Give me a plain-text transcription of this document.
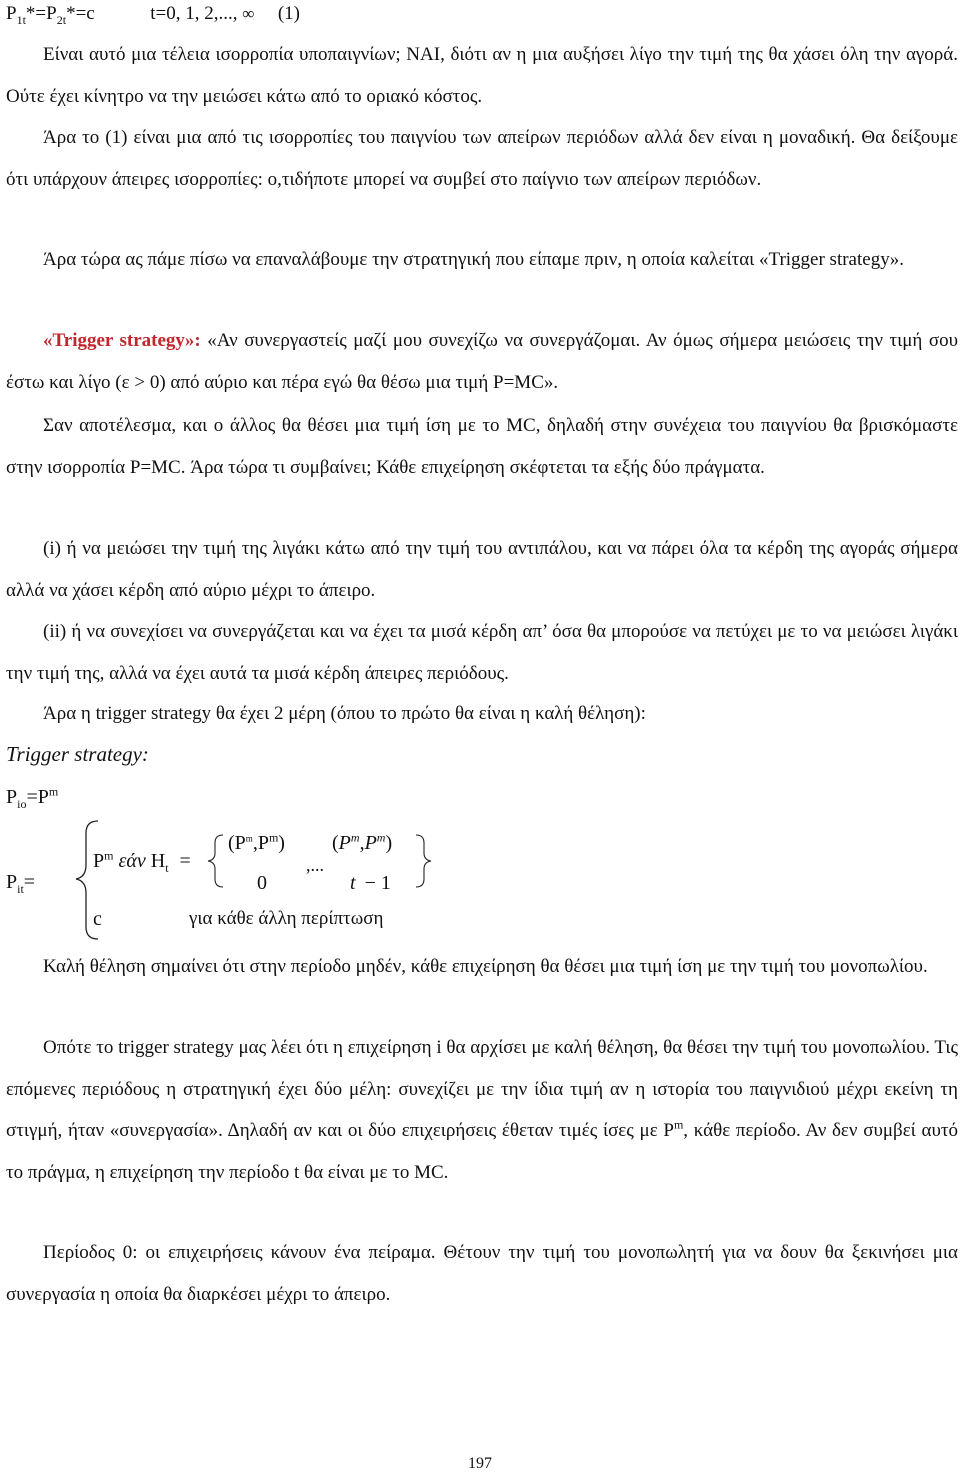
$P_{1t}*=P_{2t}*=c$	t=0, 1, 2,..., ∞ (1)
Είναι αυτό μια τέλεια ισορροπία υποπαιγνίων; ΝΑΙ, διότι αν η μια αυξήσει λίγο την τιμή της θα χάσει όλη την αγορά. Ούτε έχει κίνητρο να την μειώσει κάτω από το οριακό κόστος.
Άρα το (1) είναι μια από τις ισορροπίες του παιγνίου των απείρων περιόδων αλλά δεν είναι η μοναδική. Θα δείξουμε ότι υπάρχουν άπειρες ισορροπίες: ο,τιδήποτε μπορεί να συμβεί στο παίγνιο των απείρων περιόδων.
Άρα τώρα ας πάμε πίσω να επαναλάβουμε την στρατηγική που είπαμε πριν, η οποία καλείται «Trigger strategy».
«Trigger strategy»: «Αν συνεργαστείς μαζί μου συνεχίζω να συνεργάζομαι. Αν όμως σήμερα μειώσεις την τιμή σου έστω και λίγο (ε > 0) από αύριο και πέρα εγώ θα θέσω μια τιμή P=MC».
Σαν αποτέλεσμα, και ο άλλος θα θέσει μια τιμή ίση με το MC, δηλαδή στην συνέχεια του παιγνίου θα βρισκόμαστε στην ισορροπία P=MC. Άρα τώρα τι συμβαίνει; Κάθε επιχείρηση σκέφτεται τα εξής δύο πράγματα.
(i) ή να μειώσει την τιμή της λιγάκι κάτω από την τιμή του αντιπάλου, και να πάρει όλα τα κέρδη της αγοράς σήμερα αλλά να χάσει κέρδη από αύριο μέχρι το άπειρο.
(ii) ή να συνεχίσει να συνεργάζεται και να έχει τα μισά κέρδη απ’ όσα θα μπορούσε να πετύχει με το να μειώσει λιγάκι την τιμή της, αλλά να έχει αυτά τα μισά κέρδη άπειρες περιόδους.
Άρα η trigger strategy θα έχει 2 μέρη (όπου το πρώτο θα είναι η καλή θέληση):
Trigger strategy:
$P_{io}=P^m$
$P_{it}=$
$P^m$ εάν $H_t$ =
$(P^m,P^m)$ $(P^m,P^m)$
,...
0	t − 1
c	για κάθε άλλη περίπτωση
Καλή θέληση σημαίνει ότι στην περίοδο μηδέν, κάθε επιχείρηση θα θέσει μια τιμή ίση με την τιμή του μονοπωλίου.
Οπότε το trigger strategy μας λέει ότι η επιχείρηση i θα αρχίσει με καλή θέληση, θα θέσει την τιμή του μονοπωλίου. Τις επόμενες περιόδους η στρατηγική έχει δύο μέλη: συνεχίζει με την ίδια τιμή αν η ιστορία του παιγνιδιού μέχρι εκείνη τη στιγμή, ήταν «συνεργασία». Δηλαδή αν και οι δύο επιχειρήσεις έθεταν τιμές ίσες με $P^m$, κάθε περίοδο. Αν δεν συμβεί αυτό το πράγμα, η επιχείρηση την περίοδο t θα είναι με το MC.
Περίοδος 0: οι επιχειρήσεις κάνουν ένα πείραμα. Θέτουν την τιμή του μονοπωλητή για να δουν θα ξεκινήσει μια συνεργασία η οποία θα διαρκέσει μέχρι το άπειρο.
197
